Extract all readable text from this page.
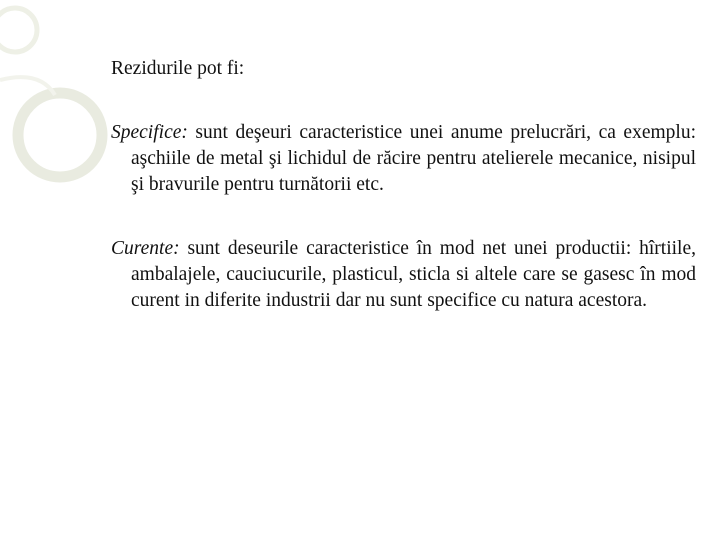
Rezidurile pot fi:

Specifice: sunt deşeuri caracteristice unei anume prelucrări, ca exemplu: aşchiile de metal şi lichidul de răcire pentru atelierele mecanice, nisipul şi bravurile pentru turnătorii etc.

Curente: sunt deseurile caracteristice în mod net unei productii: hîrtiile, ambalajele, cauciucurile, plasticul, sticla si altele care se gasesc în mod curent in diferite industrii dar nu sunt specifice cu natura acestora.
